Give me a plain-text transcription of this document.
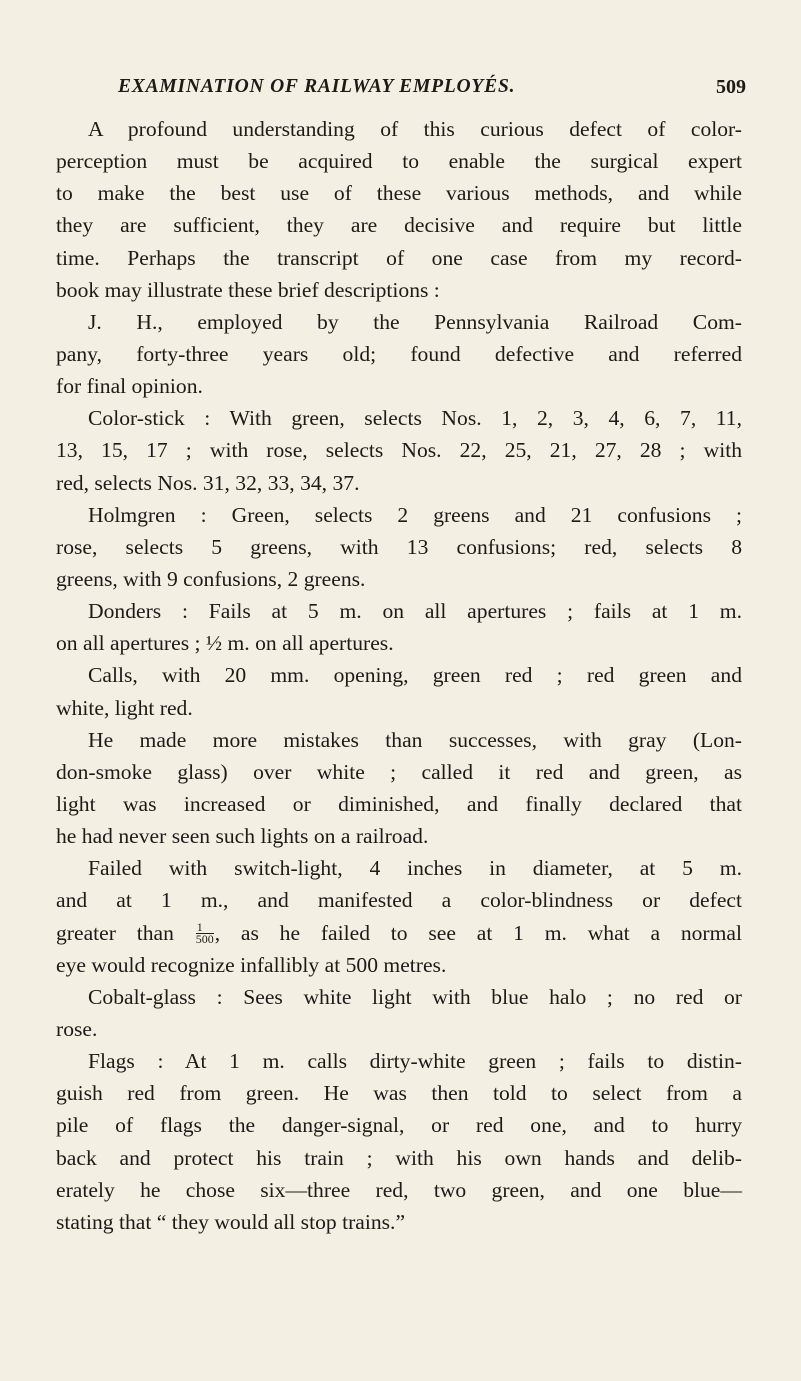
EXAMINATION OF RAILWAY EMPLOYÉS.	509
A profound understanding of this curious defect of color-
perception must be acquired to enable the surgical expert
to make the best use of these various methods, and while
they are sufficient, they are decisive and require but little
time. Perhaps the transcript of one case from my record-
book may illustrate these brief descriptions :
J. H., employed by the Pennsylvania Railroad Com-
pany, forty-three years old; found defective and referred
for final opinion.
Color-stick : With green, selects Nos. 1, 2, 3, 4, 6, 7, 11,
13, 15, 17 ; with rose, selects Nos. 22, 25, 21, 27, 28 ; with
red, selects Nos. 31, 32, 33, 34, 37.
Holmgren : Green, selects 2 greens and 21 confusions ;
rose, selects 5 greens, with 13 confusions; red, selects 8
greens, with 9 confusions, 2 greens.
Donders : Fails at 5 m. on all apertures ; fails at 1 m.
on all apertures ; ½ m. on all apertures.
Calls, with 20 mm. opening, green red ; red green and
white, light red.
He made more mistakes than successes, with gray (Lon-
don-smoke glass) over white ; called it red and green, as
light was increased or diminished, and finally declared that
he had never seen such lights on a railroad.
Failed with switch-light, 4 inches in diameter, at 5 m.
and at 1 m., and manifested a color-blindness or defect
greater than $\frac{1}{500}$ , as he failed to see at 1 m. what a normal
eye would recognize infallibly at 500 metres.
Cobalt-glass : Sees white light with blue halo ; no red or
rose.
Flags : At 1 m. calls dirty-white green ; fails to distin-
guish red from green. He was then told to select from a
pile of flags the danger-signal, or red one, and to hurry
back and protect his train ; with his own hands and delib-
erately he chose six—three red, two green, and one blue—
stating that “ they would all stop trains.”
